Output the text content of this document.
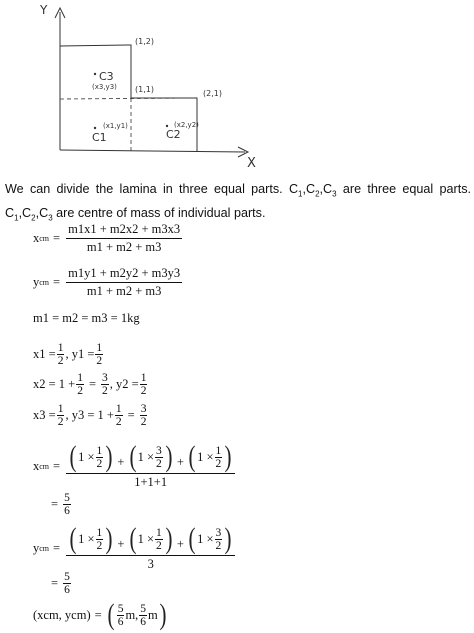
X
Y
(1,2)
(1,1)	(2,1)
C3
(x3,y3)
C1
(x1,y1)
C2
(x2,y2)
We can divide the lamina in three equal parts. $C_1,C_2,C_3$ are three equal parts. $C_1,C_2,C_3$ are centre of mass of individual parts.
x cm = $\frac{m1x1 + m2x2 + m3x3}{m1 + m2 + m3}$
y cm = $\frac{m1y1 + m2y2 + m3y3}{m1 + m2 + m3}$
m1 = m2 = m3 = 1kg
$x1 = \frac{1}{2}$ , $y1 = \frac{1}{2}$
$x2 = 1 + \frac{1}{2} = \frac{3}{2}$ , $y2 = \frac{1}{2}$
$x3 = \frac{1}{2}$ , $y3 = 1 + \frac{1}{2} = \frac{3}{2}$
x cm = $\frac{( 1 \times \frac{1}{2} ) + ( 1 \times \frac{3}{2} ) + ( 1 \times \frac{1}{2} )}{1+1+1}$
= $\frac{5}{6}$
y cm = $\frac{( 1 \times \frac{1}{2} ) + ( 1 \times \frac{1}{2} ) + ( 1 \times \frac{3}{2} )}{3}$
= $\frac{5}{6}$
(xcm, ycm) = ( $\frac{5}{6}$ m , $\frac{5}{6}$ m )
